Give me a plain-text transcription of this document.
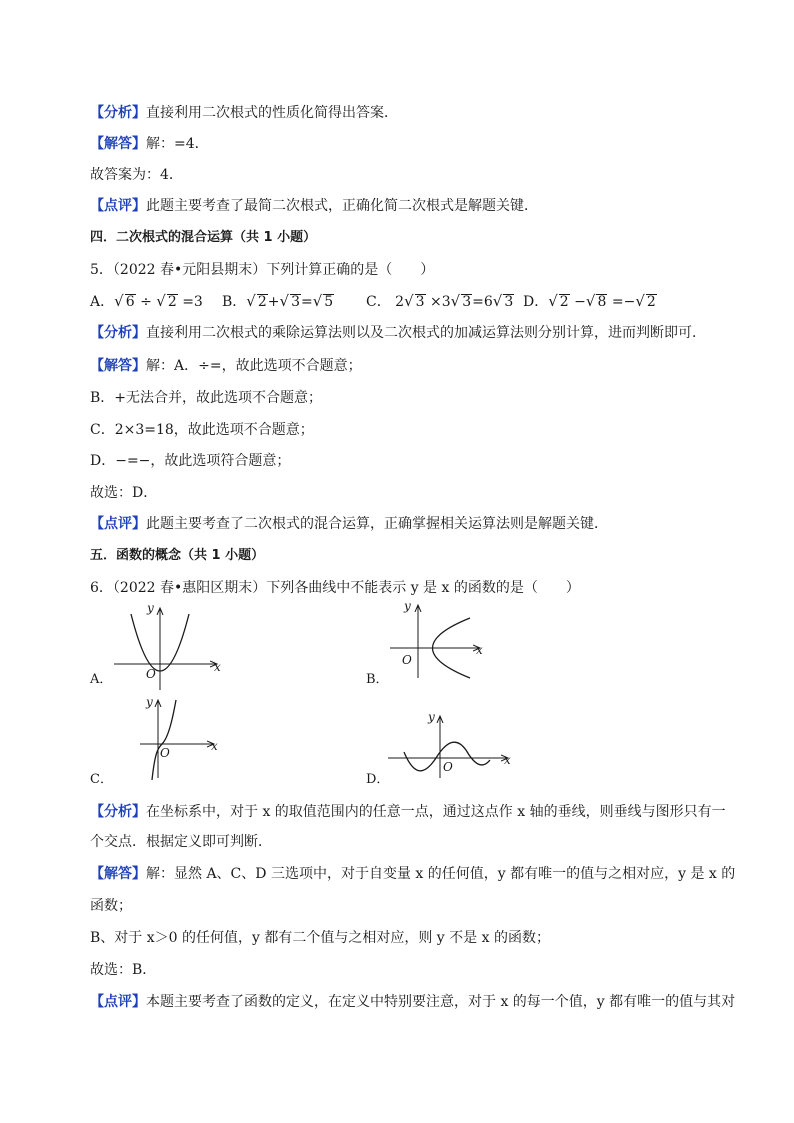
【分析】直接利用二次根式的性质化简得出答案．
【解答】解：=4．
故答案为：4．
【点评】此题主要考查了最简二次根式，正确化简二次根式是解题关键．
四．二次根式的混合运算（共 1 小题）
5．（2022 春•元阳县期末）下列计算正确的是（　　）
A．√ 6 ÷ √ 2 =3 B．√ 2+√ 3=√ 5 C． 2√ 3 ×3√ 3=6√ 3 D．√ 2 −√ 8 =−√ 2
【分析】直接利用二次根式的乘除运算法则以及二次根式的加减运算法则分别计算，进而判断即可．
【解答】解：A．÷=，故此选项不合题意；
B．+无法合并，故此选项不合题意；
C．2×3=18，故此选项不合题意；
D．−=−，故此选项符合题意；
故选：D．
【点评】此题主要考查了二次根式的混合运算，正确掌握相关运算法则是解题关键．
五．函数的概念（共 1 小题）
6．（2022 春•惠阳区期末）下列各曲线中不能表示 y 是 x 的函数的是（　　）
x
y
O
A．
x
y
O
B．
x
y
O
C．
x
y
O
D．
【分析】在坐标系中，对于 x 的取值范围内的任意一点，通过这点作 x 轴的垂线，则垂线与图形只有一
个交点．根据定义即可判断．
【解答】解：显然 A、C、D 三选项中，对于自变量 x 的任何值，y 都有唯一的值与之相对应，y 是 x 的
函数；
B、对于 x＞0 的任何值，y 都有二个值与之相对应，则 y 不是 x 的函数；
故选：B．
【点评】本题主要考查了函数的定义，在定义中特别要注意，对于 x 的每一个值，y 都有唯一的值与其对
